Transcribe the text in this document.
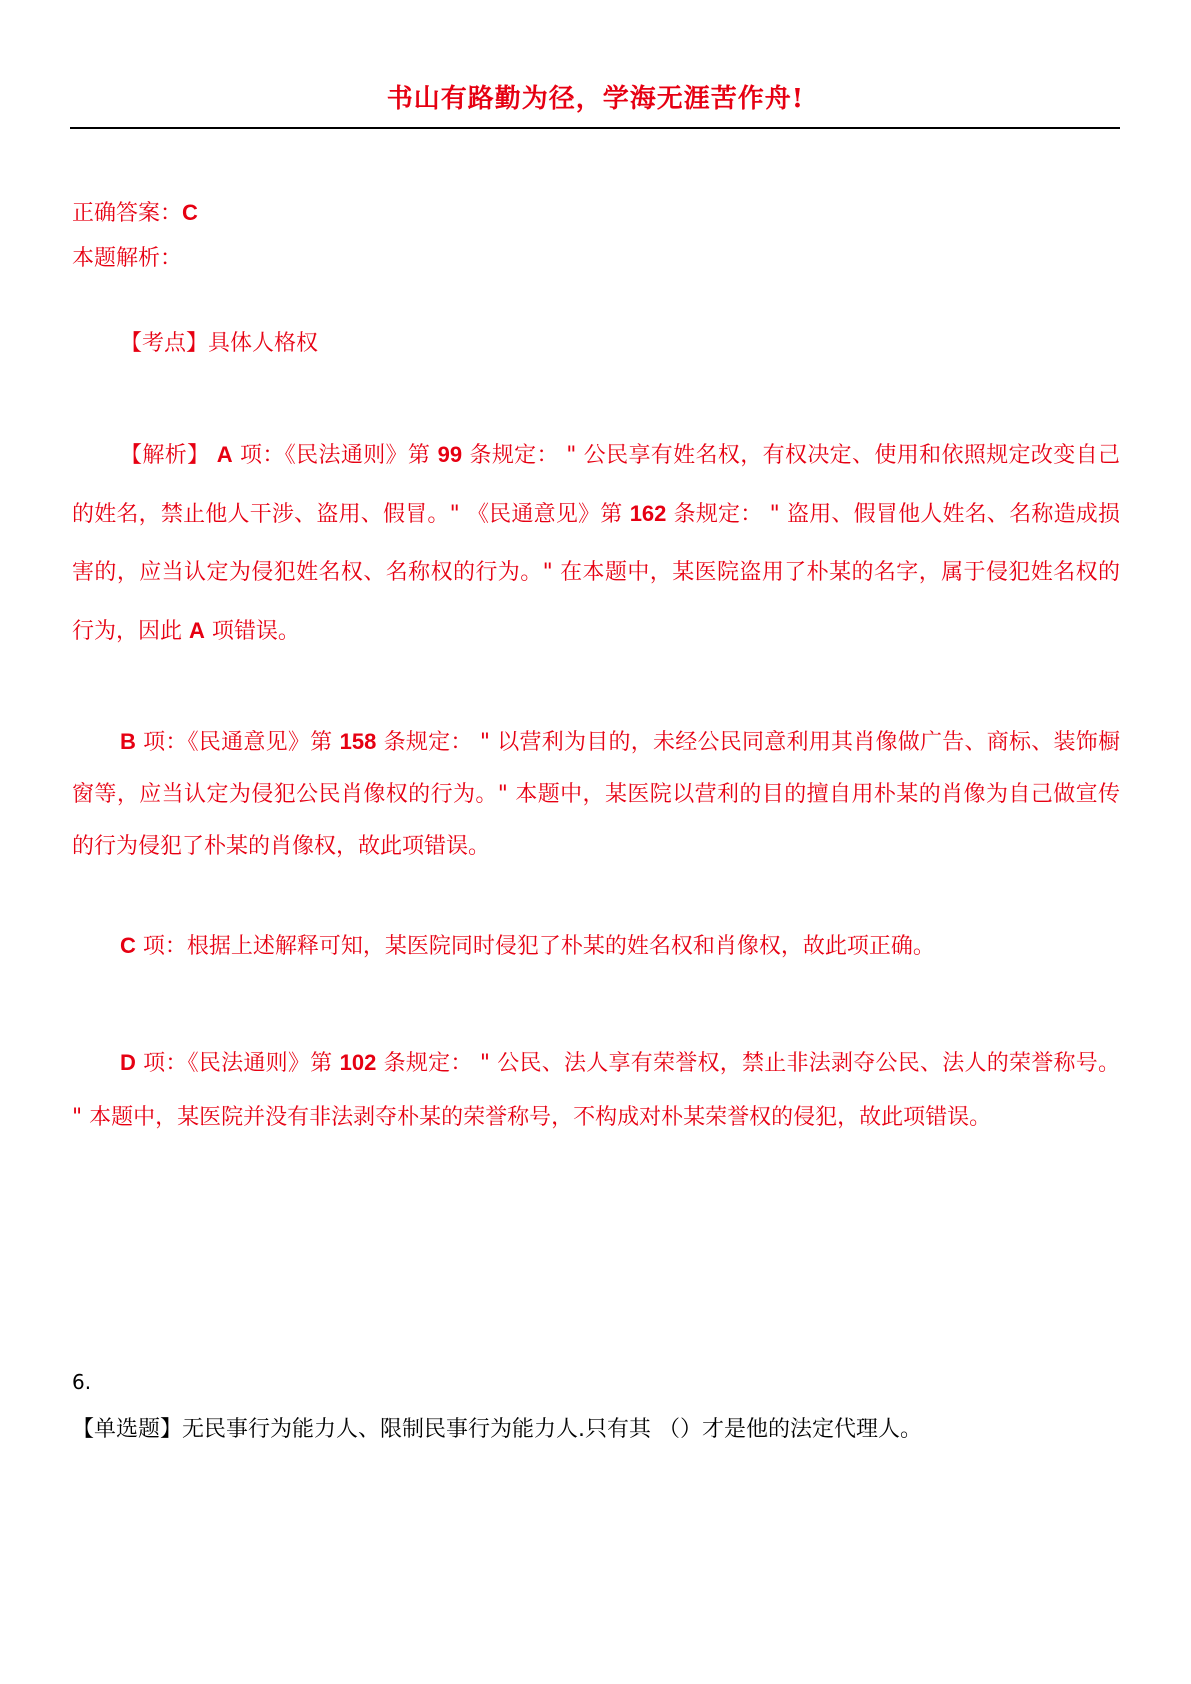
书山有路勤为径，学海无涯苦作舟!
正确答案：C
本题解析：
【考点】具体人格权
【解析】 A 项：《民法通则》第 99 条规定： " 公民享有姓名权，有权决定、使用和依照规定改变自己的姓名，禁止他人干涉、盗用、假冒。" 《民通意见》第 162 条规定： " 盗用、假冒他人姓名、名称造成损害的，应当认定为侵犯姓名权、名称权的行为。" 在本题中，某医院盗用了朴某的名字，属于侵犯姓名权的行为，因此 A 项错误。
B 项：《民通意见》第 158 条规定： " 以营利为目的，未经公民同意利用其肖像做广告、商标、装饰橱窗等，应当认定为侵犯公民肖像权的行为。" 本题中，某医院以营利的目的擅自用朴某的肖像为自己做宣传的行为侵犯了朴某的肖像权，故此项错误。
C 项：根据上述解释可知，某医院同时侵犯了朴某的姓名权和肖像权，故此项正确。
D 项：《民法通则》第 102 条规定： " 公民、法人享有荣誉权，禁止非法剥夺公民、法人的荣誉称号。 " 本题中，某医院并没有非法剥夺朴某的荣誉称号，不构成对朴某荣誉权的侵犯，故此项错误。
6.
【单选题】无民事行为能力人、限制民事行为能力人.只有其 （）才是他的法定代理人。
